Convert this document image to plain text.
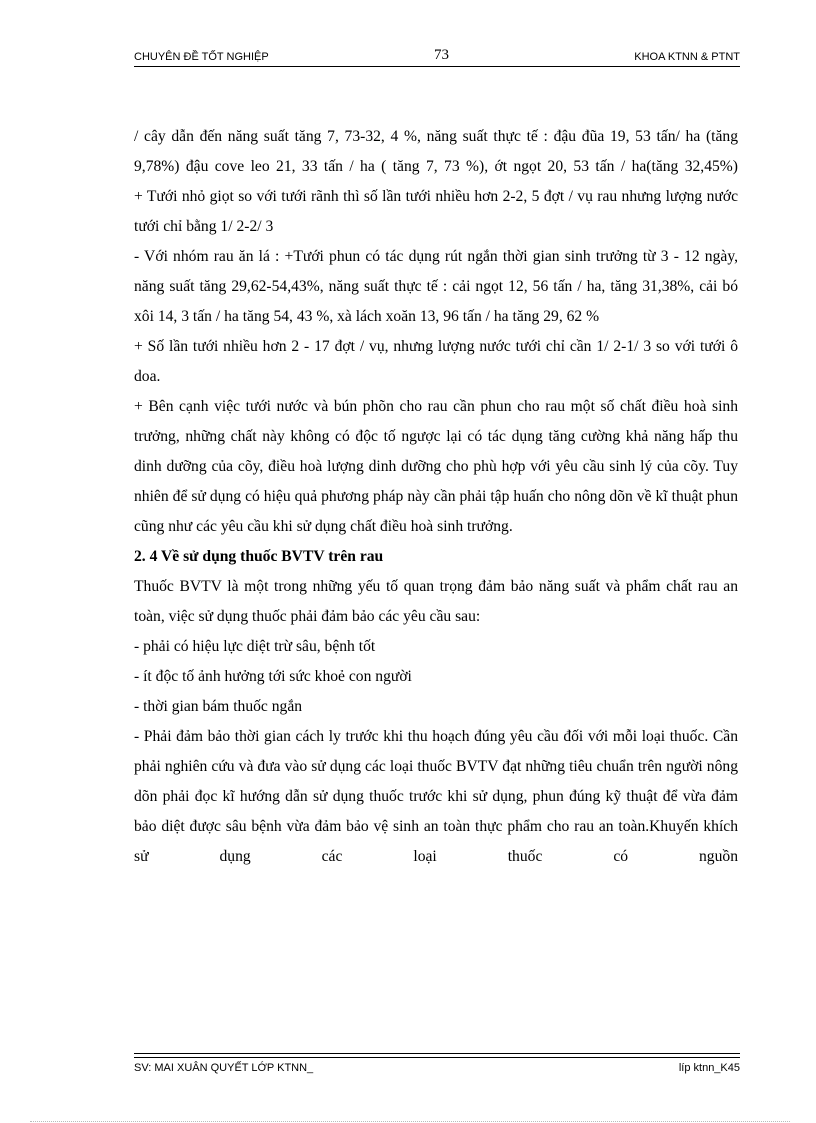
CHUYÊN ĐỀ TỐT NGHIỆP	73	KHOA KTNN & PTNT

/ cây dẫn đến năng suất tăng 7, 73-32, 4 %, năng suất thực tế : đậu đũa 19, 53 tấn/ ha (tăng 9,78%) đậu cove leo 21, 33 tấn / ha ( tăng 7, 73 %), ớt ngọt 20, 53 tấn / ha(tăng 32,45%)

+ Tưới nhỏ giọt so với tưới rãnh thì số lần tưới nhiều hơn 2-2, 5 đợt / vụ rau nhưng lượng nước tưới chỉ bằng 1/ 2-2/ 3

- Với nhóm rau ăn lá : +Tưới phun có tác dụng rút ngắn thời gian sinh trưởng từ 3 - 12 ngày, năng suất tăng 29,62-54,43%, năng suất thực tế : cải ngọt 12, 56 tấn / ha, tăng 31,38%, cải bó xôi 14, 3 tấn / ha tăng 54, 43 %, xà lách xoăn 13, 96 tấn / ha tăng 29, 62 %

+ Số lần tưới nhiều hơn 2 - 17 đợt / vụ, nhưng lượng nước tưới chỉ cần 1/ 2-1/ 3 so với tưới ô doa.

+ Bên cạnh việc tưới nước và bún phõn cho rau cần phun cho rau một số chất điều hoà sinh trưởng, những chất này không có độc tố ngược lại có tác dụng tăng cường khả năng hấp thu dinh dưỡng của cõy, điều hoà lượng dinh dưỡng cho phù hợp với yêu cầu sinh lý của cõy. Tuy nhiên để sử dụng có hiệu quả phương pháp này cần phải tập huấn cho nông dõn về kĩ thuật phun cũng như các yêu cầu khi sử dụng chất điều hoà sinh trưởng.

2. 4 Về sử dụng thuốc BVTV trên rau

Thuốc BVTV là một trong những yếu tố quan trọng đảm bảo năng suất và phẩm chất rau an toàn, việc sử dụng thuốc phải đảm bảo các yêu cầu sau:

- phải có hiệu lực diệt trừ sâu, bệnh tốt

- ít độc tố ảnh hưởng tới sức khoẻ con người

- thời gian bám thuốc ngắn

- Phải đảm bảo thời gian cách ly trước khi thu hoạch đúng yêu cầu đối với mỗi loại thuốc. Cần phải nghiên cứu và đưa vào sử dụng các loại thuốc BVTV đạt những tiêu chuẩn trên người nông dõn phải đọc kĩ hướng dẫn sử dụng thuốc trước khi sử dụng, phun đúng kỹ thuật để vừa đảm bảo diệt được sâu bệnh vừa đảm bảo vệ sinh an toàn thực phẩm cho rau an toàn.Khuyến khích sử dụng các loại thuốc có nguồn

SV: MAI XUÂN QUYẾT LỚP KTNN_	líp ktnn_K45
